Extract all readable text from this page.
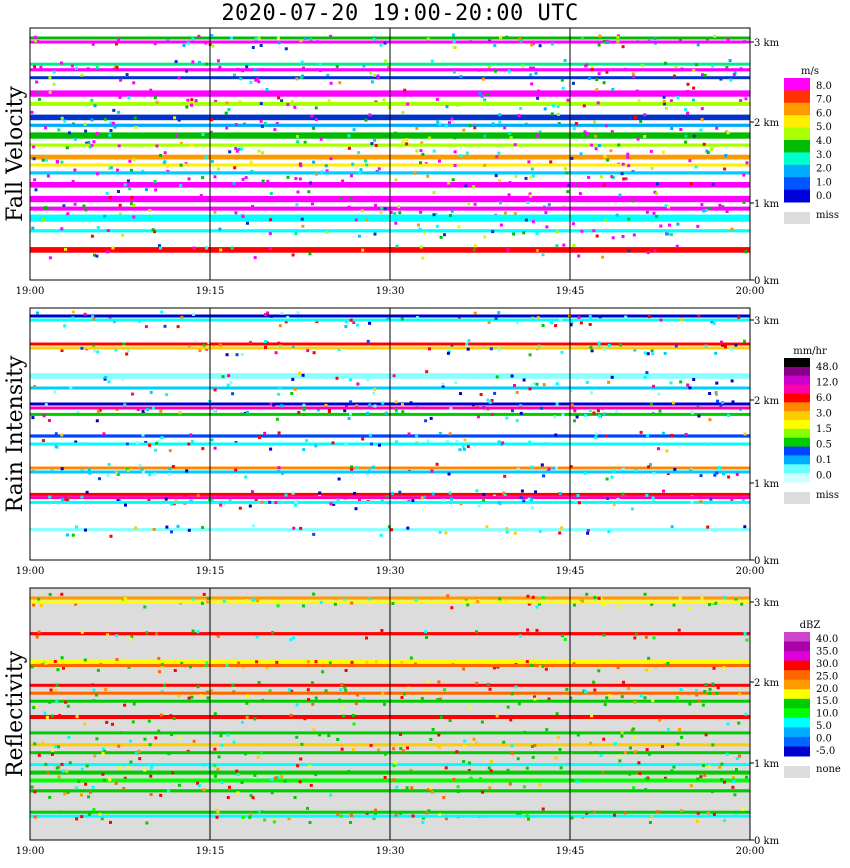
2020-07-20 19:00-20:00 UTC
19:00	19:15	19:30	19:45	20:00
0 km
1 km
2 km
3 km
Fall Velocity
m/s
8.0
7.0
6.0
5.0
4.0
3.0
2.0
1.0
0.0
miss
19:00	19:15	19:30	19:45	20:00
0 km
1 km
2 km
3 km
Rain Intensity
mm/hr
48.0
12.0
6.0
3.0
1.5
0.5
0.1
0.0
miss
19:00	19:15	19:30	19:45	20:00
0 km
1 km
2 km
3 km
Reflectivity
dBZ
40.0
35.0
30.0
25.0
20.0
15.0
10.0
5.0
0.0
-5.0
none
